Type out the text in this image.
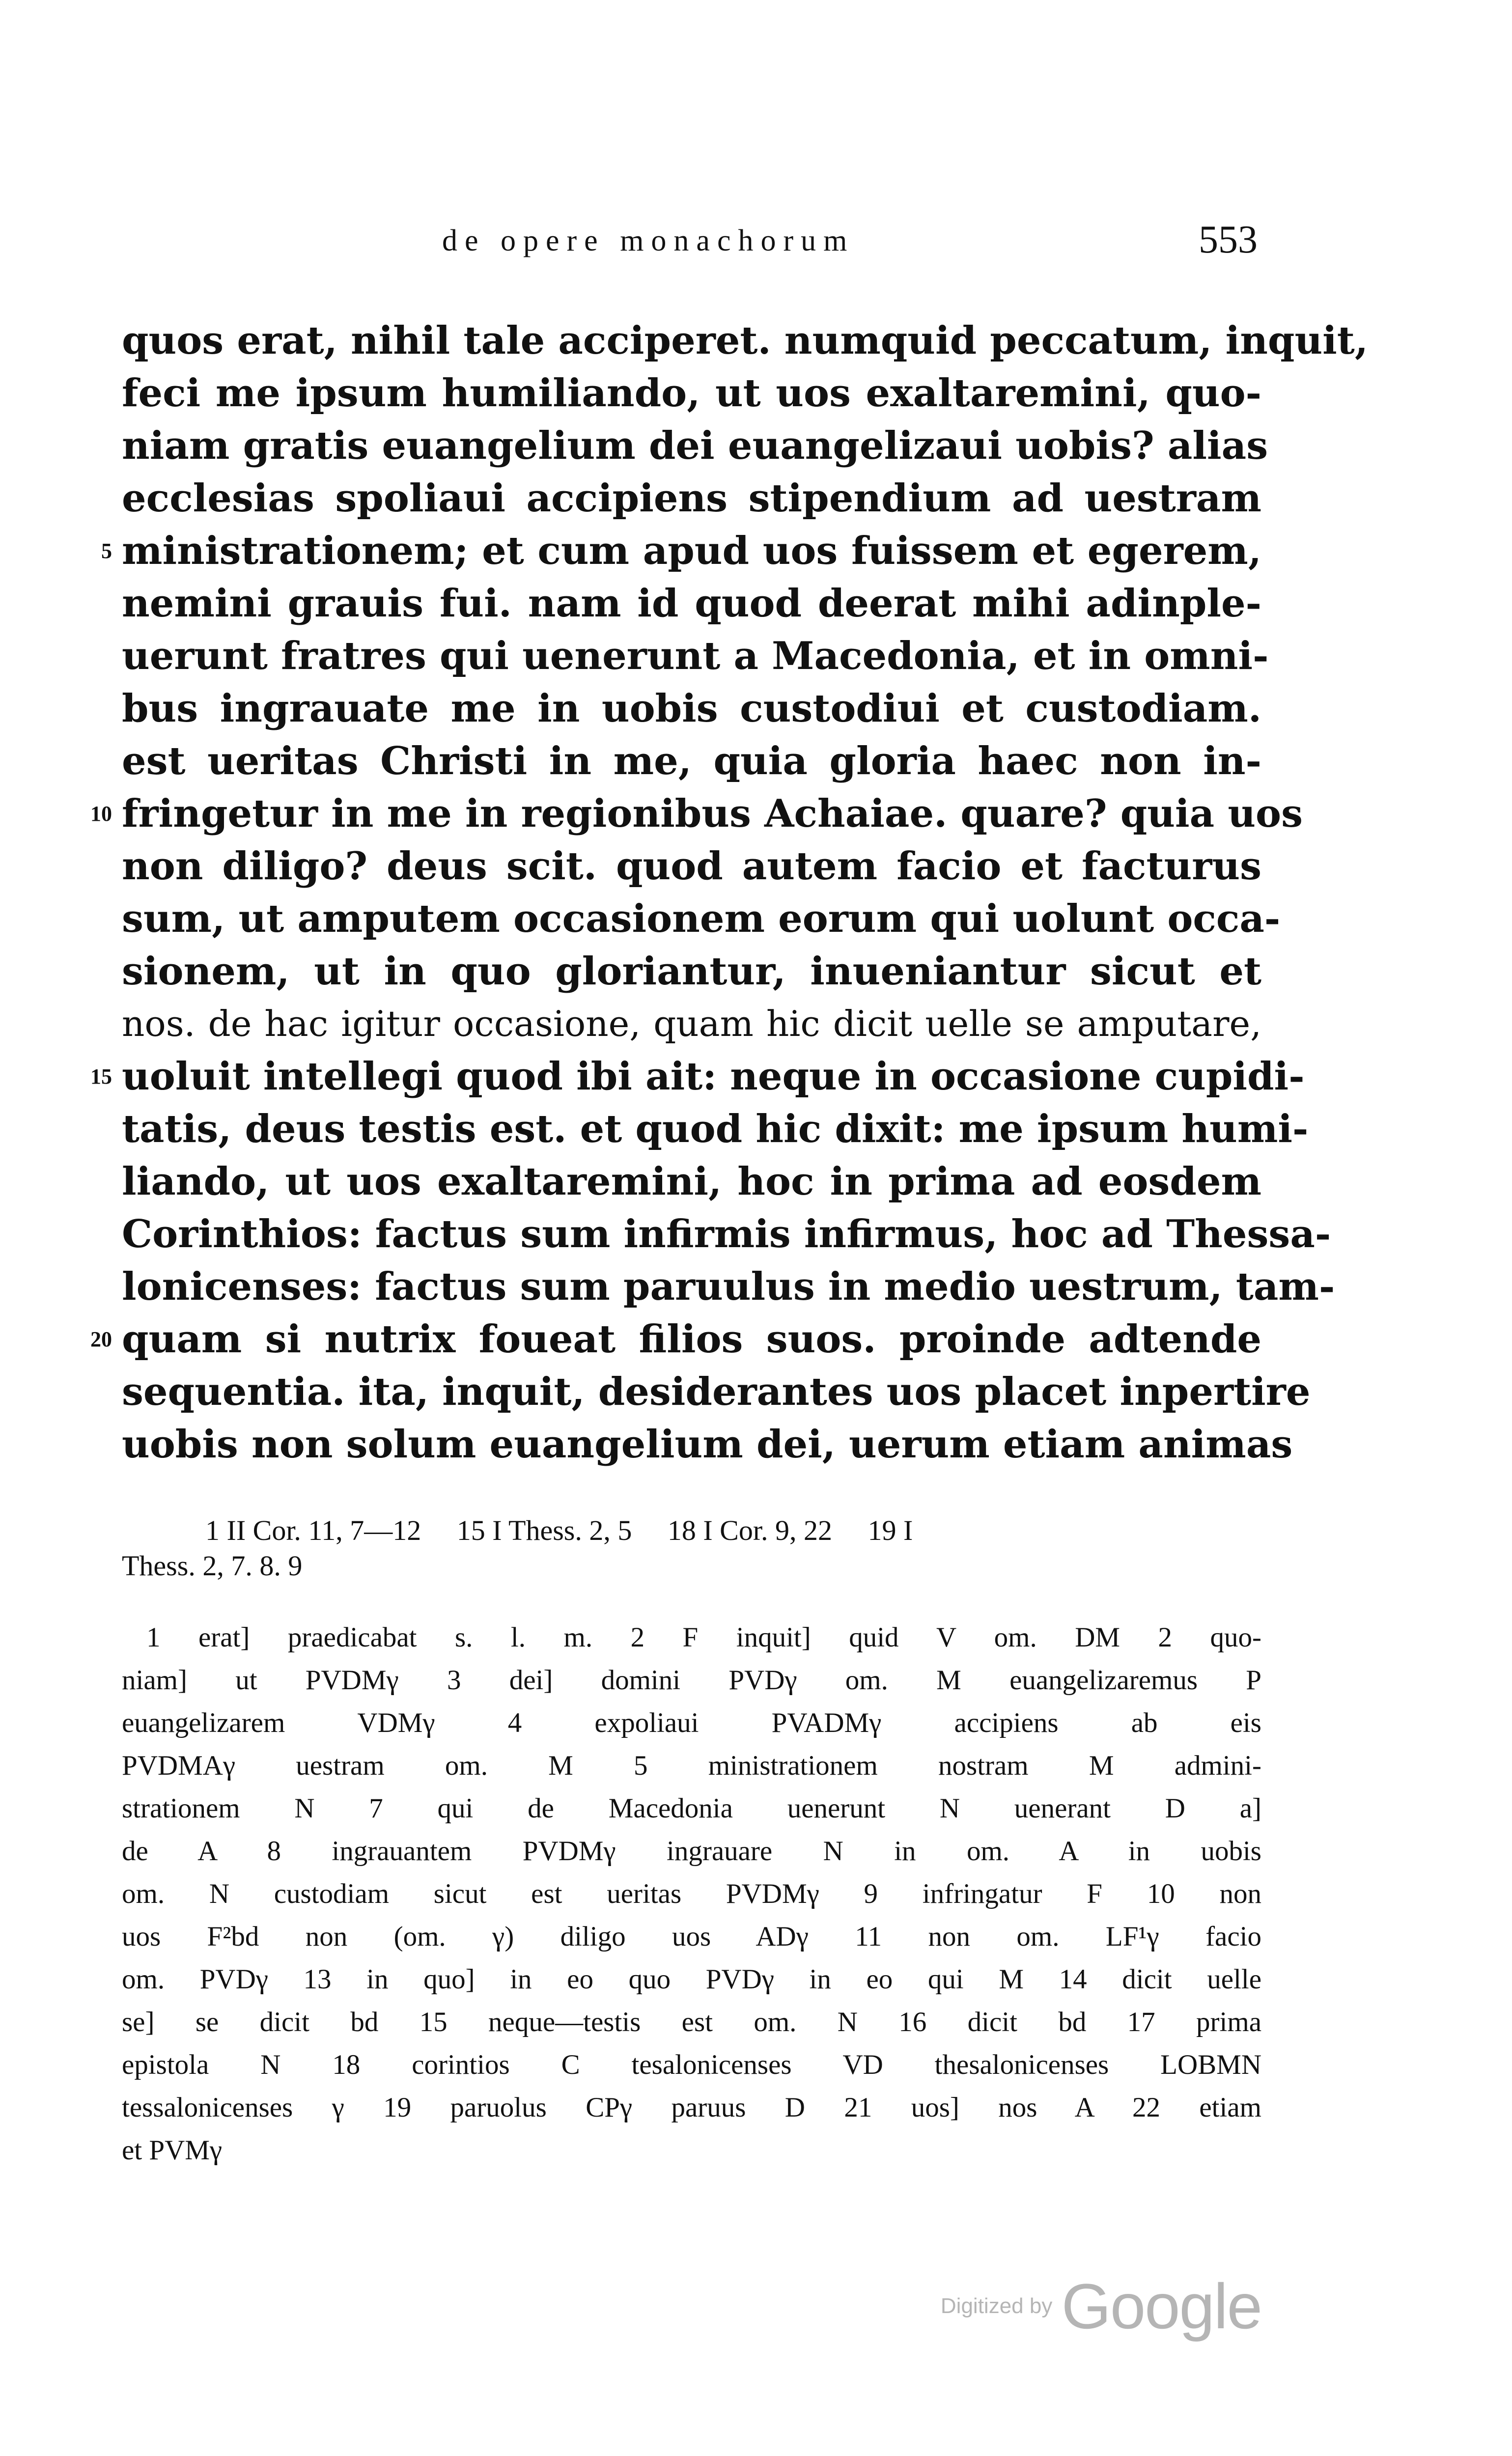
de opere monachorum	553
quos erat, nihil tale acciperet. numquid peccatum, inquit,
feci me ipsum humiliando, ut uos exaltaremini, quo-
niam gratis euangelium dei euangelizaui uobis? alias
ecclesias spoliaui accipiens stipendium ad uestram
5 ministrationem; et cum apud uos fuissem et egerem,
nemini grauis fui. nam id quod deerat mihi adinple-
uerunt fratres qui uenerunt a Macedonia, et in omni-
bus ingrauate me in uobis custodiui et custodiam.
est ueritas Christi in me, quia gloria haec non in-
10 fringetur in me in regionibus Achaiae. quare? quia uos
non diligo? deus scit. quod autem facio et facturus
sum, ut amputem occasionem eorum qui uolunt occa-
sionem, ut in quo gloriantur, inueniantur sicut et
nos. de hac igitur occasione, quam hic dicit uelle se amputare,
15 uoluit intellegi quod ibi ait: neque in occasione cupidi-
tatis, deus testis est. et quod hic dixit: me ipsum humi-
liando, ut uos exaltaremini, hoc in prima ad eosdem
Corinthios: factus sum infirmis infirmus, hoc ad Thessa-
lonicenses: factus sum paruulus in medio uestrum, tam-
20 quam si nutrix foueat filios suos. proinde adtende
sequentia. ita, inquit, desiderantes uos placet inpertire
uobis non solum euangelium dei, uerum etiam animas
1 II Cor. 11, 7—12     15 I Thess. 2, 5     18 I Cor. 9, 22     19 I
Thess. 2, 7. 8. 9
1 erat] praedicabat s. l. m. 2 F inquit] quid V om. DM 2 quo-
niam] ut PVDMγ 3 dei] domini PVDγ om. M euangelizaremus P
euangelizarem VDMγ 4 expoliaui PVADMγ accipiens ab eis
PVDMAγ uestram om. M 5 ministrationem nostram M admini-
strationem N 7 qui de Macedonia uenerunt N uenerant D a]
de A 8 ingrauantem PVDMγ ingrauare N in om. A in uobis
om. N custodiam sicut est ueritas PVDMγ 9 infringatur F 10 non
uos F²bd non (om. γ) diligo uos ADγ 11 non om. LF¹γ facio
om. PVDγ 13 in quo] in eo quo PVDγ in eo qui M 14 dicit uelle
se] se dicit bd 15 neque—testis est om. N 16 dicit bd 17 prima
epistola N 18 corintios C tesalonicenses VD thesalonicenses LOBMN
tessalonicenses γ 19 paruolus CPγ paruus D 21 uos] nos A 22 etiam
et PVMγ
Digitized by Google
